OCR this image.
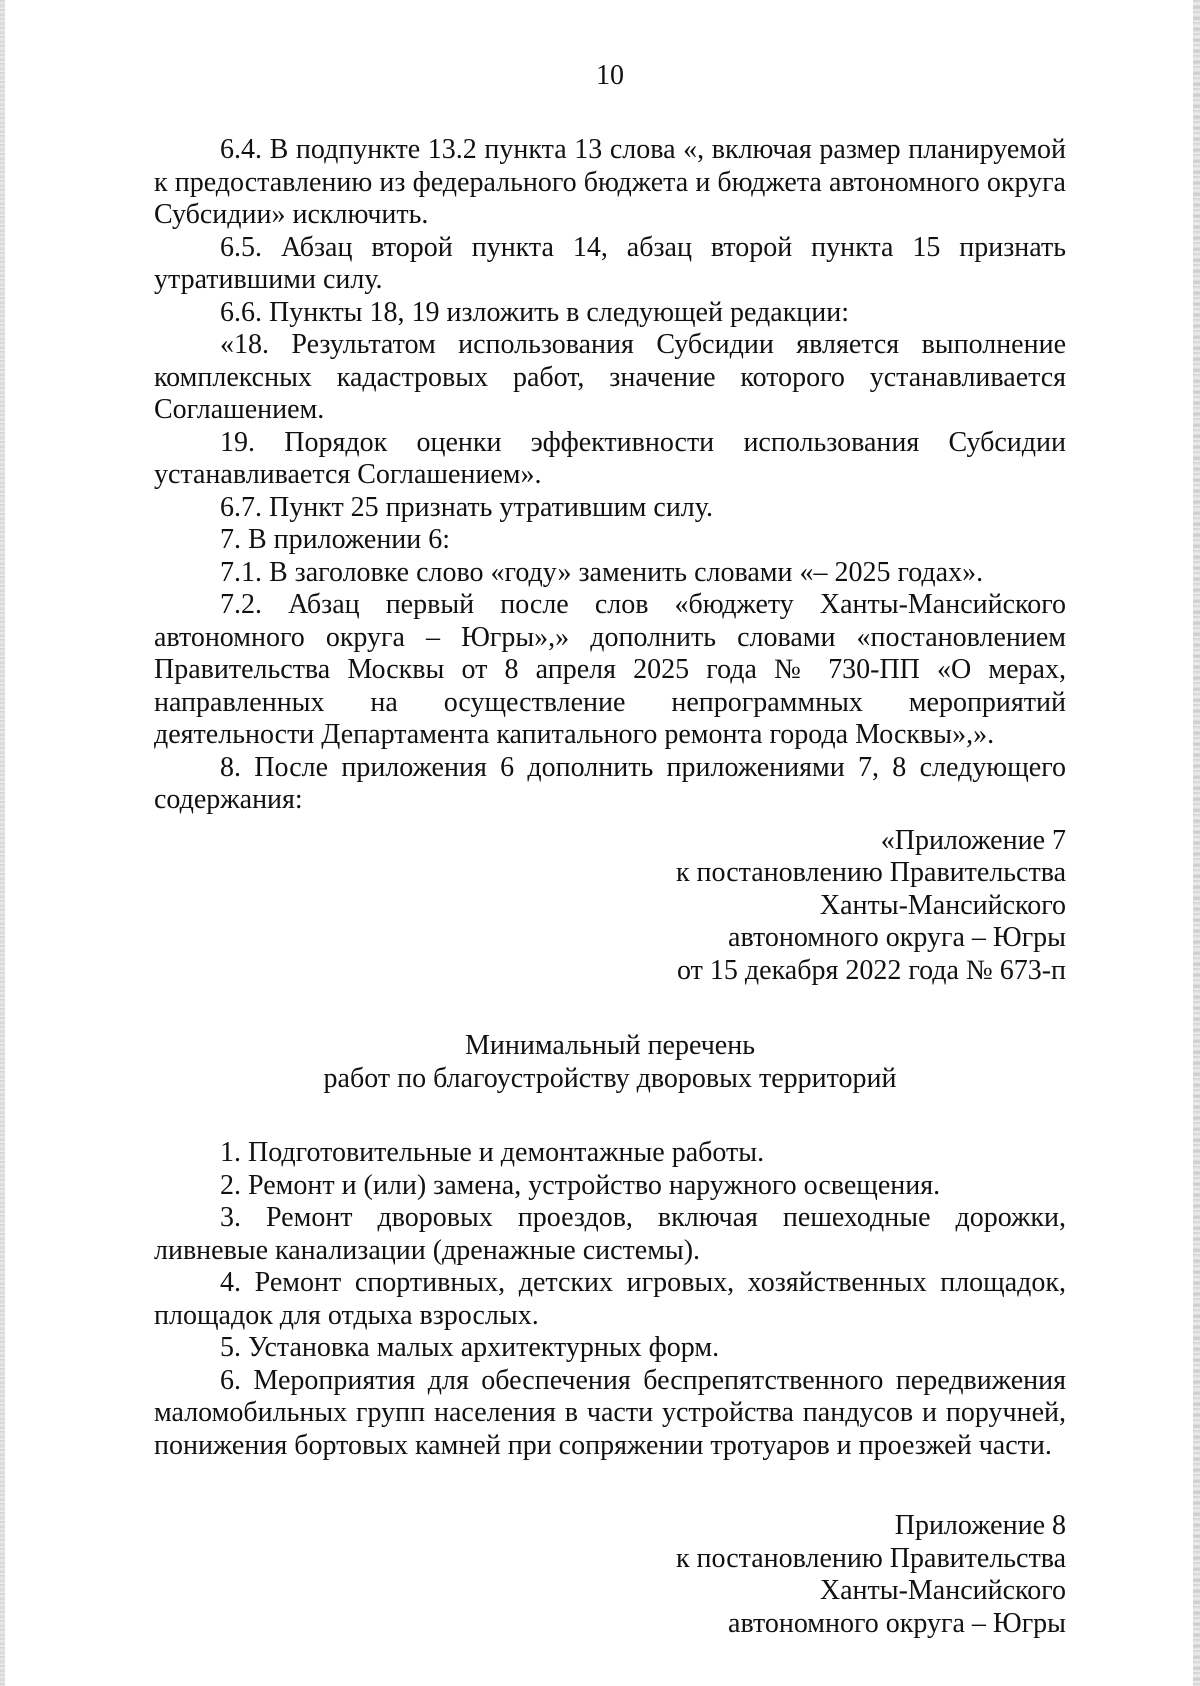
10

6.4. В подпункте 13.2 пункта 13 слова «, включая размер планируемой к предоставлению из федерального бюджета и бюджета автономного округа Субсидии» исключить.

6.5. Абзац второй пункта 14, абзац второй пункта 15 признать утратившими силу.

6.6. Пункты 18, 19 изложить в следующей редакции:

«18. Результатом использования Субсидии является выполнение комплексных кадастровых работ, значение которого устанавливается Соглашением.

19. Порядок оценки эффективности использования Субсидии устанавливается Соглашением».

6.7. Пункт 25 признать утратившим силу.

7. В приложении 6:

7.1. В заголовке слово «году» заменить словами «– 2025 годах».

7.2. Абзац первый после слов «бюджету Ханты-Мансийского автономного округа – Югры»,» дополнить словами «постановлением Правительства Москвы от 8 апреля 2025 года № 730-ПП «О мерах, направленных на осуществление непрограммных мероприятий деятельности Департамента капитального ремонта города Москвы»,».

8. После приложения 6 дополнить приложениями 7, 8 следующего содержания:

«Приложение 7
к постановлению Правительства
Ханты-Мансийского
автономного округа – Югры
от 15 декабря 2022 года № 673-п
Минимальный перечень
работ по благоустройству дворовых территорий

1. Подготовительные и демонтажные работы.

2. Ремонт и (или) замена, устройство наружного освещения.

3. Ремонт дворовых проездов, включая пешеходные дорожки, ливневые канализации (дренажные системы).

4. Ремонт спортивных, детских игровых, хозяйственных площадок, площадок для отдыха взрослых.

5. Установка малых архитектурных форм.

6. Мероприятия для обеспечения беспрепятственного передвижения маломобильных групп населения в части устройства пандусов и поручней, понижения бортовых камней при сопряжении тротуаров и проезжей части.

Приложение 8
к постановлению Правительства
Ханты-Мансийского
автономного округа – Югры
